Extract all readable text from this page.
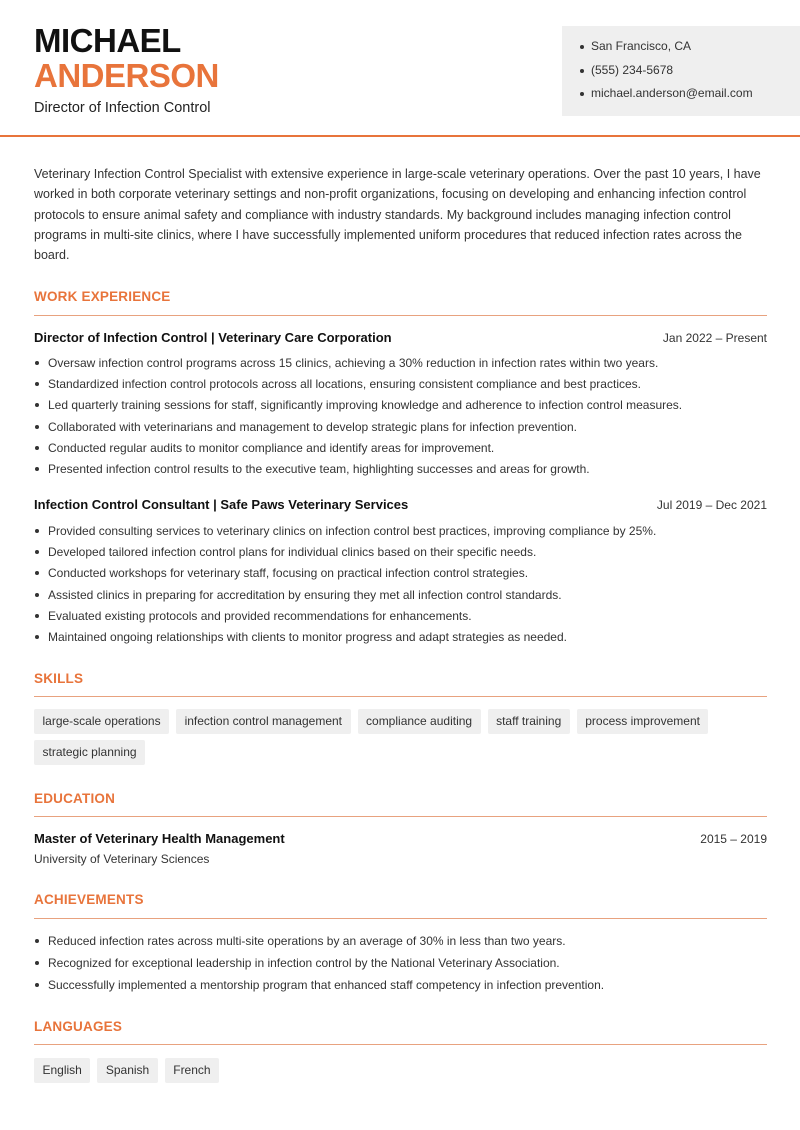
MICHAEL
ANDERSON
Director of Infection Control
San Francisco, CA
(555) 234-5678
michael.anderson@email.com
Veterinary Infection Control Specialist with extensive experience in large-scale veterinary operations. Over the past 10 years, I have worked in both corporate veterinary settings and non-profit organizations, focusing on developing and enhancing infection control protocols to ensure animal safety and compliance with industry standards. My background includes managing infection control programs in multi-site clinics, where I have successfully implemented uniform procedures that reduced infection rates across the board.
WORK EXPERIENCE
Director of Infection Control | Veterinary Care Corporation	Jan 2022 – Present
Oversaw infection control programs across 15 clinics, achieving a 30% reduction in infection rates within two years.
Standardized infection control protocols across all locations, ensuring consistent compliance and best practices.
Led quarterly training sessions for staff, significantly improving knowledge and adherence to infection control measures.
Collaborated with veterinarians and management to develop strategic plans for infection prevention.
Conducted regular audits to monitor compliance and identify areas for improvement.
Presented infection control results to the executive team, highlighting successes and areas for growth.
Infection Control Consultant | Safe Paws Veterinary Services	Jul 2019 – Dec 2021
Provided consulting services to veterinary clinics on infection control best practices, improving compliance by 25%.
Developed tailored infection control plans for individual clinics based on their specific needs.
Conducted workshops for veterinary staff, focusing on practical infection control strategies.
Assisted clinics in preparing for accreditation by ensuring they met all infection control standards.
Evaluated existing protocols and provided recommendations for enhancements.
Maintained ongoing relationships with clients to monitor progress and adapt strategies as needed.
SKILLS
large-scale operations	infection control management	compliance auditing	staff training	process improvement
strategic planning
EDUCATION
Master of Veterinary Health Management	2015 – 2019
University of Veterinary Sciences
ACHIEVEMENTS
Reduced infection rates across multi-site operations by an average of 30% in less than two years.
Recognized for exceptional leadership in infection control by the National Veterinary Association.
Successfully implemented a mentorship program that enhanced staff competency in infection prevention.
LANGUAGES
English	Spanish	French
